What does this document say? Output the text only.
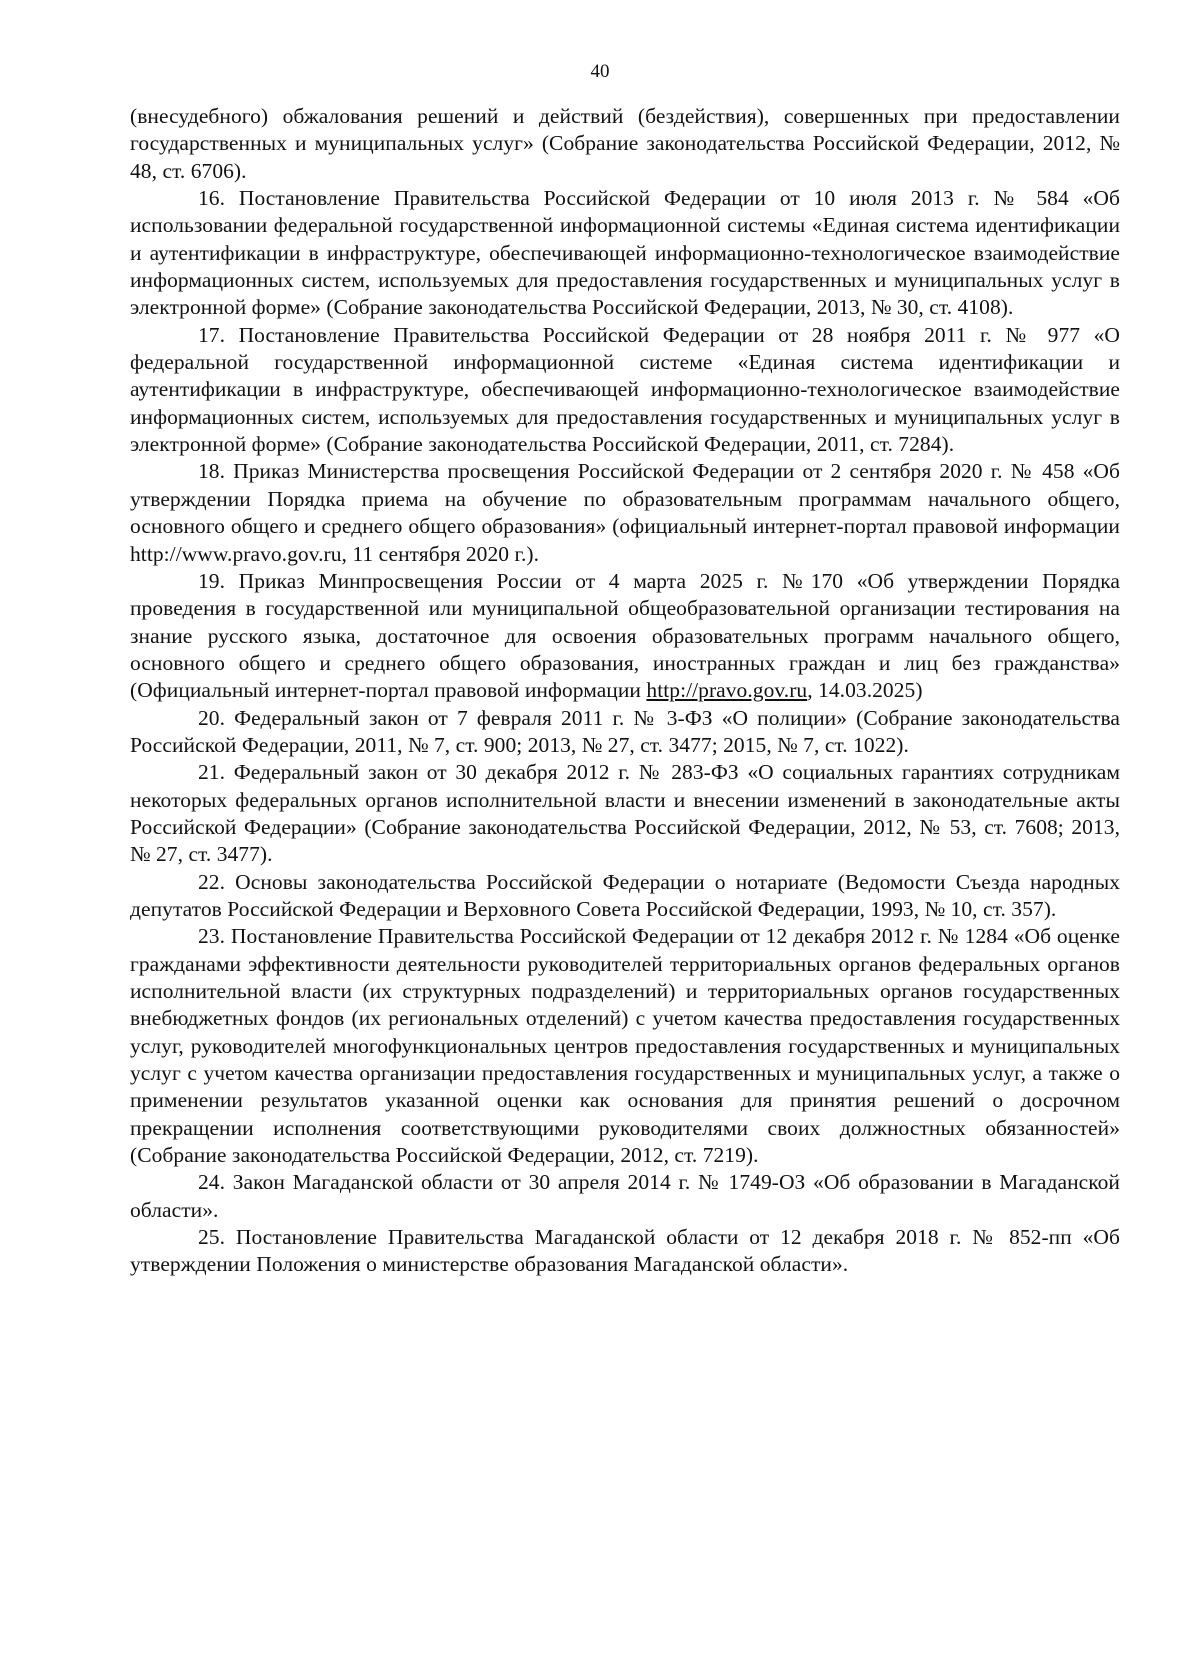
40

(внесудебного) обжалования решений и действий (бездействия), совершенных при предоставлении государственных и муниципальных услуг» (Собрание законодательства Российской Федерации, 2012, № 48, ст. 6706).

16. Постановление Правительства Российской Федерации от 10 июля 2013 г. № 584 «Об использовании федеральной государственной информационной системы «Единая система идентификации и аутентификации в инфраструктуре, обеспечивающей информационно-технологическое взаимодействие информационных систем, используемых для предоставления государственных и муниципальных услуг в электронной форме» (Собрание законодательства Российской Федерации, 2013, № 30, ст. 4108).

17. Постановление Правительства Российской Федерации от 28 ноября 2011 г. № 977 «О федеральной государственной информационной системе «Единая система идентификации и аутентификации в инфраструктуре, обеспечивающей информационно-технологическое взаимодействие информационных систем, используемых для предоставления государственных и муниципальных услуг в электронной форме» (Собрание законодательства Российской Федерации, 2011, ст. 7284).

18. Приказ Министерства просвещения Российской Федерации от 2 сентября 2020 г. № 458 «Об утверждении Порядка приема на обучение по образовательным программам начального общего, основного общего и среднего общего образования» (официальный интернет-портал правовой информации http://www.pravo.gov.ru, 11 сентября 2020 г.).

19. Приказ Минпросвещения России от 4 марта 2025 г. №170 «Об утверждении Порядка проведения в государственной или муниципальной общеобразовательной организации тестирования на знание русского языка, достаточное для освоения образовательных программ начального общего, основного общего и среднего общего образования, иностранных граждан и лиц без гражданства» (Официальный интернет-портал правовой информации http://pravo.gov.ru, 14.03.2025)

20. Федеральный закон от 7 февраля 2011 г. № 3-ФЗ «О полиции» (Собрание законодательства Российской Федерации, 2011, № 7, ст. 900; 2013, № 27, ст. 3477; 2015, № 7, ст. 1022).

21. Федеральный закон от 30 декабря 2012 г. № 283-ФЗ «О социальных гарантиях сотрудникам некоторых федеральных органов исполнительной власти и внесении изменений в законодательные акты Российской Федерации» (Собрание законодательства Российской Федерации, 2012, № 53, ст. 7608; 2013, № 27, ст. 3477).

22. Основы законодательства Российской Федерации о нотариате (Ведомости Съезда народных депутатов Российской Федерации и Верховного Совета Российской Федерации, 1993, № 10, ст. 357).

23. Постановление Правительства Российской Федерации от 12 декабря 2012 г. № 1284 «Об оценке гражданами эффективности деятельности руководителей территориальных органов федеральных органов исполнительной власти (их структурных подразделений) и территориальных органов государственных внебюджетных фондов (их региональных отделений) с учетом качества предоставления государственных услуг, руководителей многофункциональных центров предоставления государственных и муниципальных услуг с учетом качества организации предоставления государственных и муниципальных услуг, а также о применении результатов указанной оценки как основания для принятия решений о досрочном прекращении исполнения соответствующими руководителями своих должностных обязанностей» (Собрание законодательства Российской Федерации, 2012, ст. 7219).

24. Закон Магаданской области от 30 апреля 2014 г. № 1749-ОЗ «Об образовании в Магаданской области».

25. Постановление Правительства Магаданской области от 12 декабря 2018 г. № 852-пп «Об утверждении Положения о министерстве образования Магаданской области».
